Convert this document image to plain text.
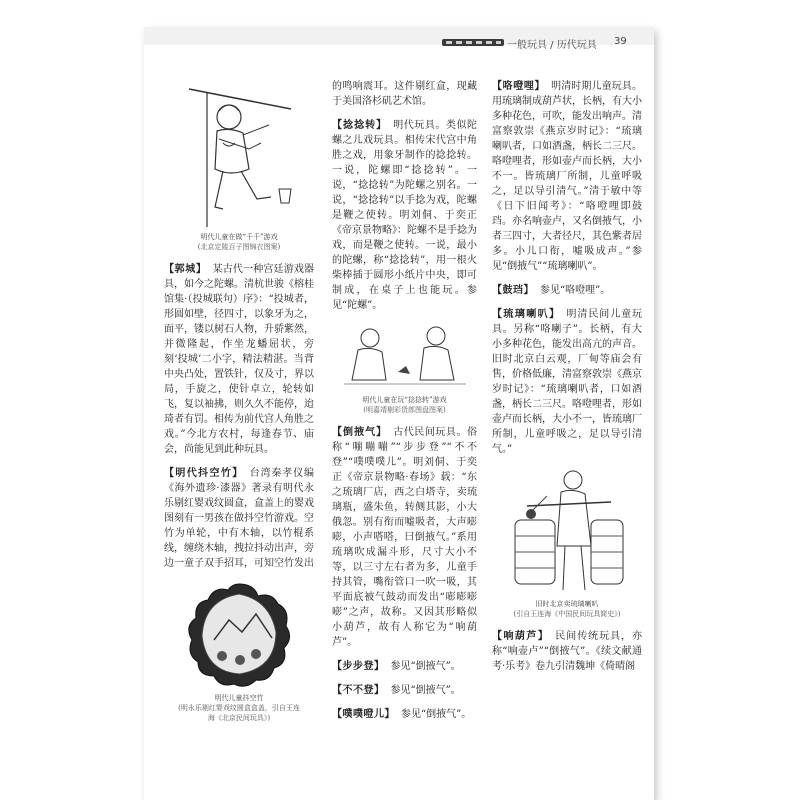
一般玩具 / 历代玩具 39
明代儿童在做“千千”游戏
(北京定陵百子图锦衣图案)

【郭城】 某古代一种宫廷游戏器具，如今之陀螺。清杭世骏《榕桂馆集·（投城联句）序》：“投城者，形圆如壁，径四寸，以象牙为之，面平，镂以树石人物，升骄紫然，并微隆起，作坐龙蟠屈状，旁刻‘投城’二小字，精法精湛。当背中央凸处，置铁针，仅及寸，界以局，手旋之，使针卓立，轮转如飞，复以袖拂，则久久不能停，迨琦者有罚。相传为前代宫人角胜之戏。”今北方农村，每逢春节、庙会，尚能见到此种玩具。

【明代抖空竹】 台湾秦孝仪编《海外遗珍·漆器》著录有明代永乐剔红婴戏纹圆盒，盒盖上的婴戏图刻有一男孩在做抖空竹游戏。空竹为单轮，中有木轴，以竹棍系线，缠绕木轴，拽拉抖动出声，旁边一童子双手招耳，可知空竹发出

明代儿童抖空竹
(明永乐剔红婴戏纹圆盒盒盖，引自王连
海《北京民间玩具》)

的鸣响震耳。这件剔红盒，现藏于美国洛杉矶艺术馆。

【捻捻转】 明代玩具。类似陀螺之儿戏玩具。相传宋代宫中角胜之戏，用象牙制作的捻捻转。一说，陀螺即“捻捻转”。一说，“捻捻转”为陀螺之别名。一说，“捻捻转”以手捻为戏，陀螺是鞭之使转。明刘侗、于奕正《帝京景物略》：陀螺不是手捻为戏，而是鞭之使转。一说，最小的陀螺，称“捻捻转”，用一根火柴棒插于圆形小纸片中央，即可制成，在桌子上也能玩。参见“陀螺”。

明代儿童在玩“捻捻转”游戏
(明嘉靖剔彩货郎图盘图案)

【倒掖气】 古代民间玩具。俗称“嘣嘣嘣”“步步登”“不不登”“噗噗噗儿”。明刘侗、于奕正《帝京景物略·春场》载：“东之琉璃厂店，西之白塔寺，卖琉璃瓶，盛朱鱼，转侧其影，小大俄忽。别有衔而嘘吸者，大声嘭嘭，小声嗒嗒，曰倒掖气。”系用琉璃吹成漏斗形，尺寸大小不等，以三寸左右者为多，儿童手持其管，嘴衔管口一吹一吸，其平面底被气鼓动而发出“嘭嘭嘭嘭”之声，故称。又因其形略似小葫芦，故有人称它为“响葫芦”。

【步步登】 参见“倒掖气”。

【不不登】 参见“倒掖气”。

【噗噗噔儿】 参见“倒掖气”。

【咯噔哩】 明清时期儿童玩具。用琉璃制成葫芦状，长柄，有大小多种花色，可吹，能发出响声。清富察敦崇《燕京岁时记》：“琉璃喇叭者，口如酒盏，柄长二三尺。咯噔哩者，形如壶卢而长柄，大小不一。皆琉璃厂所制，儿童呼吸之，足以导引清气。”清于敏中等《日下旧闻考》：“咯噔哩即鼓珰。亦名响壶卢，又名倒掖气，小者三四寸，大者径尺，其色紫者居多。小儿口衔，嘘吸成声。”参见“倒掖气”“琉璃喇叭”。

【鼓珰】 参见“咯噔哩”。

【琉璃喇叭】 明清民间儿童玩具。另称“咯喇子”。长柄，有大小多种花色，能发出高亢的声音。旧时北京白云观，厂甸等庙会有售，价格低廉，清富察敦崇《燕京岁时记》：“琉璃喇叭者，口如酒盏，柄长二三尺。咯噔哩者，形如壶卢而长柄，大小不一，皆琉璃厂所制，儿童呼吸之，足以导引清气。”

旧时北京卖琉璃喇叭
(引自王连海《中国民间玩具简史》)

【响葫芦】 民间传统玩具，亦称“响壶卢”“倒掖气”。《续文献通考·乐考》卷九引清魏坤《倚晴阁
